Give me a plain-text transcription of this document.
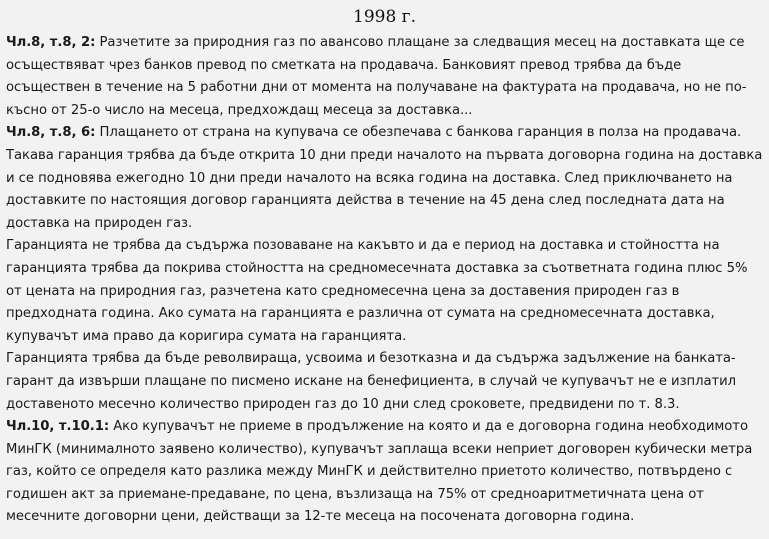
1998 г.

Чл.8, т.8, 2: Разчетите за природния газ по авансово плащане за следващия месец на доставката ще се осъществяват чрез банков превод по сметката на продавача. Банковият превод трябва да бъде осъществен в течение на 5 работни дни от момента на получаване на фактурата на продавача, но не по-късно от 25-о число на месеца, предхождащ месеца за доставка...

Чл.8, т.8, 6: Плащането от страна на купувача се обезпечава с банкова гаранция в полза на продавача. Такава гаранция трябва да бъде открита 10 дни преди началото на първата договорна година на доставка и се подновява ежегодно 10 дни преди началото на всяка година на доставка. След приключването на доставките по настоящия договор гаранцията действа в течение на 45 дена след последната дата на доставка на природен газ.

Гаранцията не трябва да съдържа позоваване на какъвто и да е период на доставка и стойността на гаранцията трябва да покрива стойността на средномесечната доставка за съответната година плюс 5% от цената на природния газ, разчетена като средномесечна цена за доставения природен газ в предходната година. Ако сумата на гаранцията е различна от сумата на средномесечната доставка, купувачът има право да коригира сумата на гаранцията.

Гаранцията трябва да бъде револвираща, усвоима и безотказна и да съдържа задължение на банката-гарант да извърши плащане по писмено искане на бенефициента, в случай че купувачът не е изплатил доставеното месечно количество природен газ до 10 дни след сроковете, предвидени по т. 8.3.

Чл.10, т.10.1: Ако купувачът не приеме в продължение на която и да е договорна година необходимото МинГК (минималното заявено количество), купувачът заплаща всеки неприет договорен кубически метра газ, който се определя като разлика между МинГК и действително приетото количество, потвърдено с годишен акт за приемане-предаване, по цена, възлизаща на 75% от средноаритметичната цена от месечните договорни цени, действащи за 12-те месеца на посочената договорна година.
